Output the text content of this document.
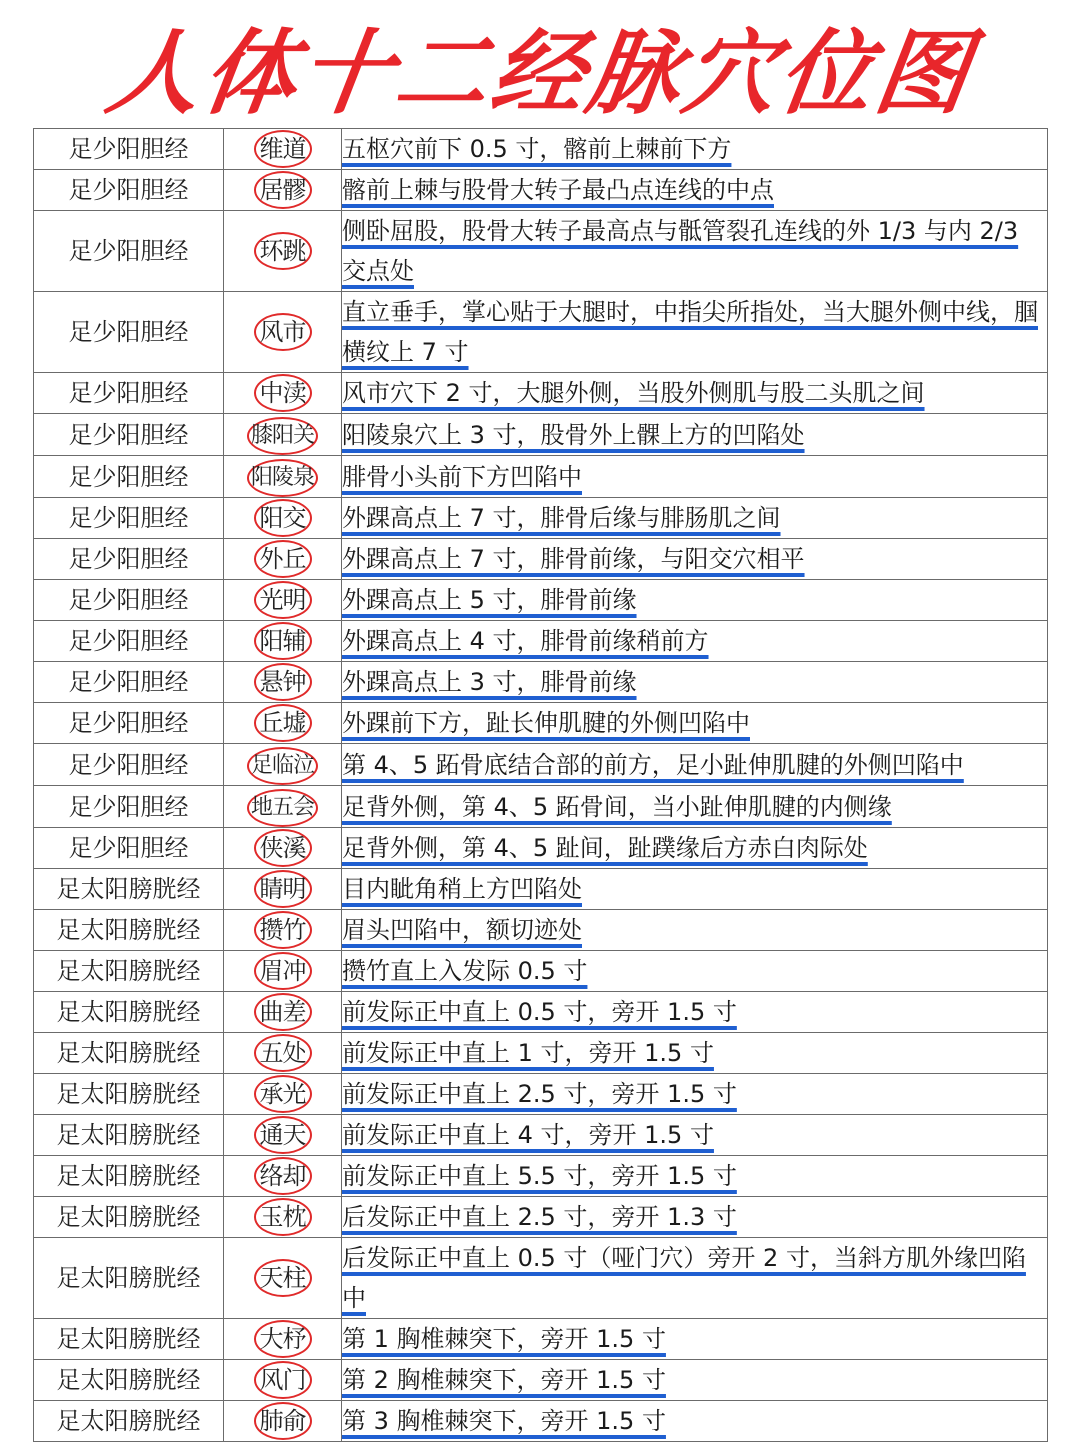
人体十二经脉穴位图
足少阳胆经	维道	五枢穴前下 0.5 寸，髂前上棘前下方
足少阳胆经	居髎	髂前上棘与股骨大转子最凸点连线的中点
足少阳胆经	环跳	侧卧屈股，股骨大转子最高点与骶管裂孔连线的外 1/3 与内 2/3 交点处
足少阳胆经	风市	直立垂手，掌心贴于大腿时，中指尖所指处，当大腿外侧中线，腘横纹上 7 寸
足少阳胆经	中渎	风市穴下 2 寸，大腿外侧，当股外侧肌与股二头肌之间
足少阳胆经	膝阳关	阳陵泉穴上 3 寸，股骨外上髁上方的凹陷处
足少阳胆经	阳陵泉	腓骨小头前下方凹陷中
足少阳胆经	阳交	外踝高点上 7 寸，腓骨后缘与腓肠肌之间
足少阳胆经	外丘	外踝高点上 7 寸，腓骨前缘，与阳交穴相平
足少阳胆经	光明	外踝高点上 5 寸，腓骨前缘
足少阳胆经	阳辅	外踝高点上 4 寸，腓骨前缘稍前方
足少阳胆经	悬钟	外踝高点上 3 寸，腓骨前缘
足少阳胆经	丘墟	外踝前下方，趾长伸肌腱的外侧凹陷中
足少阳胆经	足临泣	第 4、5 跖骨底结合部的前方，足小趾伸肌腱的外侧凹陷中
足少阳胆经	地五会	足背外侧，第 4、5 跖骨间，当小趾伸肌腱的内侧缘
足少阳胆经	侠溪	足背外侧，第 4、5 趾间，趾蹼缘后方赤白肉际处
足太阳膀胱经	睛明	目内眦角稍上方凹陷处
足太阳膀胱经	攒竹	眉头凹陷中，额切迹处
足太阳膀胱经	眉冲	攒竹直上入发际 0.5 寸
足太阳膀胱经	曲差	前发际正中直上 0.5 寸，旁开 1.5 寸
足太阳膀胱经	五处	前发际正中直上 1 寸，旁开 1.5 寸
足太阳膀胱经	承光	前发际正中直上 2.5 寸，旁开 1.5 寸
足太阳膀胱经	通天	前发际正中直上 4 寸，旁开 1.5 寸
足太阳膀胱经	络却	前发际正中直上 5.5 寸，旁开 1.5 寸
足太阳膀胱经	玉枕	后发际正中直上 2.5 寸，旁开 1.3 寸
足太阳膀胱经	天柱	后发际正中直上 0.5 寸（哑门穴）旁开 2 寸，当斜方肌外缘凹陷中
足太阳膀胱经	大杼	第 1 胸椎棘突下，旁开 1.5 寸
足太阳膀胱经	风门	第 2 胸椎棘突下，旁开 1.5 寸
足太阳膀胱经	肺俞	第 3 胸椎棘突下，旁开 1.5 寸
